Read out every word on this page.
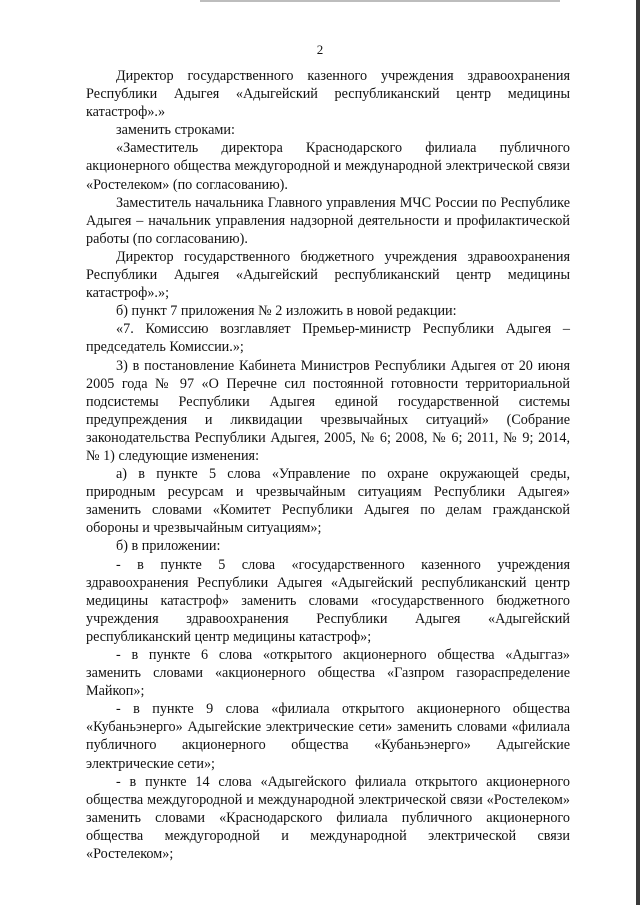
2

Директор государственного казенного учреждения здравоохранения Республики Адыгея «Адыгейский республиканский центр медицины катастроф».»

заменить строками:

«Заместитель директора Краснодарского филиала публичного акционерного общества междугородной и международной электрической связи «Ростелеком» (по согласованию).

Заместитель начальника Главного управления МЧС России по Республике Адыгея – начальник управления надзорной деятельности и профилактической работы (по согласованию).

Директор государственного бюджетного учреждения здравоохранения Республики Адыгея «Адыгейский республиканский центр медицины катастроф».»;

б) пункт 7 приложения № 2 изложить в новой редакции:

«7. Комиссию возглавляет Премьер-министр Республики Адыгея – председатель Комиссии.»;

3) в постановление Кабинета Министров Республики Адыгея от 20 июня 2005 года № 97 «О Перечне сил постоянной готовности территориальной подсистемы Республики Адыгея единой государственной системы предупреждения и ликвидации чрезвычайных ситуаций» (Собрание законодательства Республики Адыгея, 2005, № 6; 2008, № 6; 2011, № 9; 2014, № 1) следующие изменения:

а) в пункте 5 слова «Управление по охране окружающей среды, природным ресурсам и чрезвычайным ситуациям Республики Адыгея» заменить словами «Комитет Республики Адыгея по делам гражданской обороны и чрезвычайным ситуациям»;

б) в приложении:

- в пункте 5 слова «государственного казенного учреждения здравоохранения Республики Адыгея «Адыгейский республиканский центр медицины катастроф» заменить словами «государственного бюджетного учреждения здравоохранения Республики Адыгея «Адыгейский республиканский центр медицины катастроф»;

- в пункте 6 слова «открытого акционерного общества «Адыггаз» заменить словами «акционерного общества «Газпром газораспределение Майкоп»;

- в пункте 9 слова «филиала открытого акционерного общества «Кубаньэнерго» Адыгейские электрические сети» заменить словами «филиала публичного акционерного общества «Кубаньэнерго» Адыгейские электрические сети»;

- в пункте 14 слова «Адыгейского филиала открытого акционерного общества междугородной и международной электрической связи «Ростелеком» заменить словами «Краснодарского филиала публичного акционерного общества междугородной и международной электрической связи «Ростелеком»;
